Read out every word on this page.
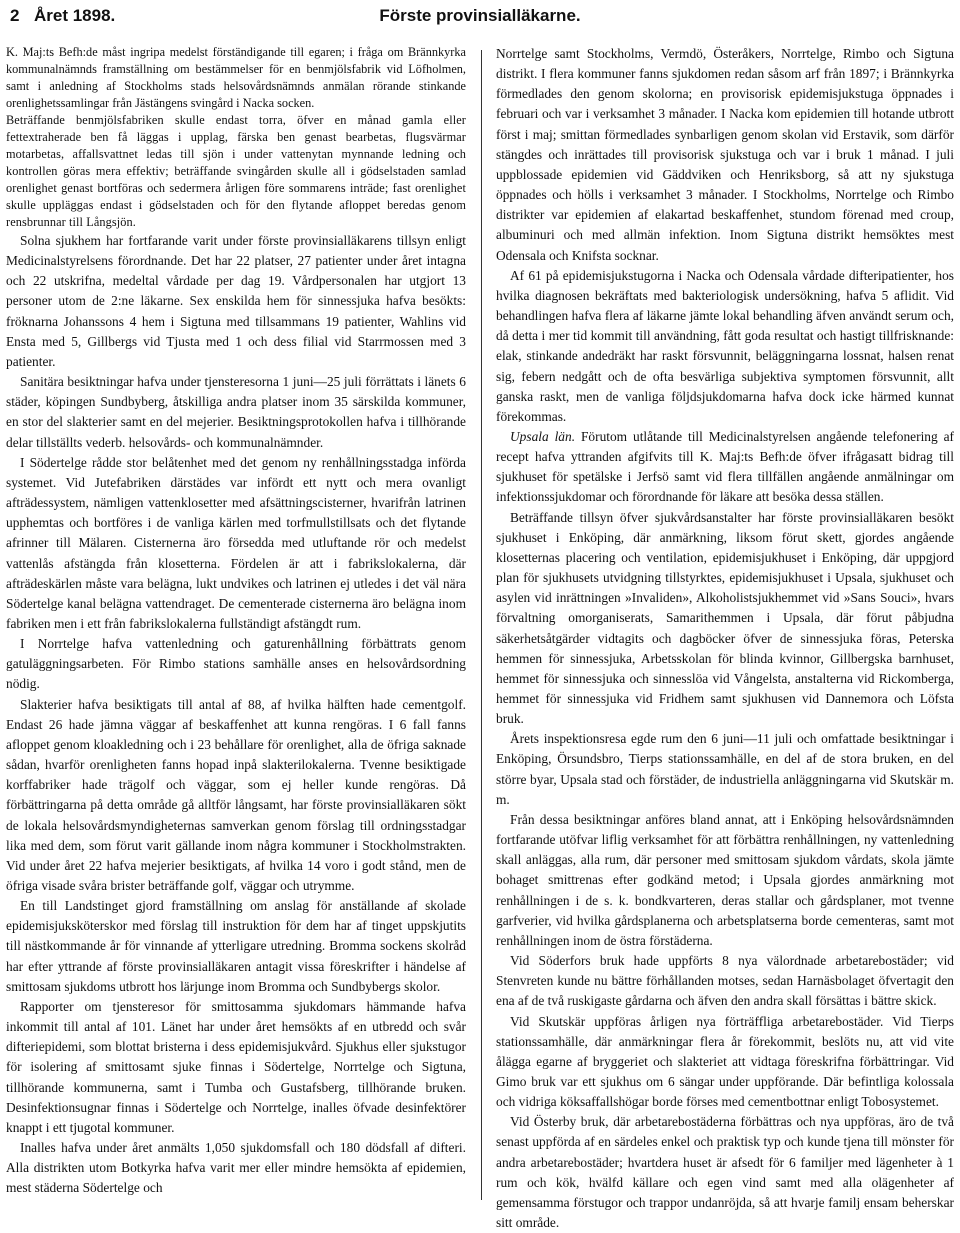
2 Året 1898.	Förste provinsialläkarne.

K. Maj:ts Befh:de måst ingripa medelst förständigande till egaren; i fråga om Brännkyrka kommunalnämnds framställning om bestämmelser för en benmjölsfabrik vid Löfholmen, samt i anledning af Stockholms stads helsovårdsnämnds anmälan rörande stinkande orenlighetssamlingar från Jästängens svingård i Nacka socken.

Beträffande benmjölsfabriken skulle endast torra, öfver en månad gamla eller fettextraherade ben få läggas i upplag, färska ben genast bearbetas, flugsvärmar motarbetas, affallsvattnet ledas till sjön i under vattenytan mynnande ledning och kontrollen göras mera effektiv; beträffande svingården skulle all i gödselstaden samlad orenlighet genast bortföras och sedermera årligen före sommarens inträde; fast orenlighet skulle uppläggas endast i gödselstaden och för den flytande afloppet beredas genom rensbrunnar till Långsjön.

Solna sjukhem har fortfarande varit under förste provinsialläkarens tillsyn enligt Medicinalstyrelsens förordnande. Det har 22 platser, 27 patienter under året intagna och 22 utskrifna, medeltal vårdade per dag 19. Vårdpersonalen har utgjort 13 personer utom de 2:ne läkarne. Sex enskilda hem för sinnessjuka hafva besökts: fröknarna Johanssons 4 hem i Sigtuna med tillsammans 19 patienter, Wahlins vid Ensta med 5, Gillbergs vid Tjusta med 1 och dess filial vid Starrmossen med 3 patienter.

Sanitära besiktningar hafva under tjensteresorna 1 juni—25 juli förrättats i länets 6 städer, köpingen Sundbyberg, åtskilliga andra platser inom 35 särskilda kommuner, en stor del slakterier samt en del mejerier. Besiktningsprotokollen hafva i tillhörande delar tillställts vederb. helsovårds- och kommunalnämnder.

I Södertelge rådde stor belåtenhet med det genom ny renhållningsstadga införda systemet. Vid Jutefabriken därstädes var infördt ett nytt och mera ovanligt afträdessystem, nämligen vattenklosetter med afsättningscisterner, hvarifrån latrinen upphemtas och bortföres i de vanliga kärlen med torfmullstillsats och det flytande afrinner till Mälaren. Cisternerna äro försedda med utluftande rör och medelst vattenlås afstängda från klosetterna. Fördelen är att i fabrikslokalerna, där afträdeskärlen måste vara belägna, lukt undvikes och latrinen ej utledes i det väl nära Södertelge kanal belägna vattendraget. De cementerade cisternerna äro belägna inom fabriken men i ett från fabrikslokalerna fullständigt afstängdt rum.

I Norrtelge hafva vattenledning och gaturenhållning förbättrats genom gatuläggningsarbeten. För Rimbo stations samhälle anses en helsovårdsordning nödig.

Slakterier hafva besiktigats till antal af 88, af hvilka hälften hade cementgolf. Endast 26 hade jämna väggar af beskaffenhet att kunna rengöras. I 6 fall fanns afloppet genom kloakledning och i 23 behållare för orenlighet, alla de öfriga saknade sådan, hvarför orenligheten fanns hopad inpå slakterilokalerna. Tvenne besiktigade korffabriker hade trägolf och väggar, som ej heller kunde rengöras. Då förbättringarna på detta område gå alltför långsamt, har förste provinsialläkaren sökt de lokala helsovårdsmyndigheternas samverkan genom förslag till ordningsstadgar lika med dem, som förut varit gällande inom några kommuner i Stockholmstrakten. Vid under året 22 hafva mejerier besiktigats, af hvilka 14 voro i godt stånd, men de öfriga visade svåra brister beträffande golf, väggar och utrymme.

En till Landstinget gjord framställning om anslag för anställande af skolade epidemisjuksköterskor med förslag till instruktion för dem har af tinget uppskjutits till nästkommande år för vinnande af ytterligare utredning. Bromma sockens skolråd har efter yttrande af förste provinsialläkaren antagit vissa föreskrifter i händelse af smittosam sjukdoms utbrott hos lärjunge inom Bromma och Sundbybergs skolor.

Rapporter om tjensteresor för smittosamma sjukdomars hämmande hafva inkommit till antal af 101. Länet har under året hemsökts af en utbredd och svår difteriepidemi, som blottat bristerna i dess epidemisjukvård. Sjukhus eller sjukstugor för isolering af smittosamt sjuke finnas i Södertelge, Norrtelge och Sigtuna, tillhörande kommunerna, samt i Tumba och Gustafsberg, tillhörande bruken. Desinfektionsugnar finnas i Södertelge och Norrtelge, inalles öfvade desinfektörer knappt i ett tjugotal kommuner.

Inalles hafva under året anmälts 1,050 sjukdomsfall och 180 dödsfall af difteri. Alla distrikten utom Botkyrka hafva varit mer eller mindre hemsökta af epidemien, mest städerna Södertelge och

Norrtelge samt Stockholms, Vermdö, Österåkers, Norrtelge, Rimbo och Sigtuna distrikt. I flera kommuner fanns sjukdomen redan såsom arf från 1897; i Brännkyrka förmedlades den genom skolorna; en provisorisk epidemisjukstuga öppnades i februari och var i verksamhet 3 månader. I Nacka kom epidemien till hotande utbrott först i maj; smittan förmedlades synbarligen genom skolan vid Erstavik, som därför stängdes och inrättades till provisorisk sjukstuga och var i bruk 1 månad. I juli uppblossade epidemien vid Gäddviken och Henriksborg, så att ny sjukstuga öppnades och hölls i verksamhet 3 månader. I Stockholms, Norrtelge och Rimbo distrikter var epidemien af elakartad beskaffenhet, stundom förenad med croup, albuminuri och med allmän infektion. Inom Sigtuna distrikt hemsöktes mest Odensala och Knifsta socknar.

Af 61 på epidemisjukstugorna i Nacka och Odensala vårdade difteripatienter, hos hvilka diagnosen bekräftats med bakteriologisk undersökning, hafva 5 aflidit. Vid behandlingen hafva flera af läkarne jämte lokal behandling äfven användt serum och, då detta i mer tid kommit till användning, fått goda resultat och hastigt tillfrisknande: elak, stinkande andedräkt har raskt försvunnit, beläggningarna lossnat, halsen renat sig, febern nedgått och de ofta besvärliga subjektiva symptomen försvunnit, allt ganska raskt, men de vanliga följdsjukdomarna hafva dock icke härmed kunnat förekommas.

Upsala län. Förutom utlåtande till Medicinalstyrelsen angående telefonering af recept hafva yttranden afgifvits till K. Maj:ts Befh:de öfver ifrågasatt bidrag till sjukhuset för spetälske i Jerfsö samt vid flera tillfällen angående anmälningar om infektionssjukdomar och förordnande för läkare att besöka dessa ställen.

Beträffande tillsyn öfver sjukvårdsanstalter har förste provinsialläkaren besökt sjukhuset i Enköping, där anmärkning, liksom förut skett, gjordes angående klosetternas placering och ventilation, epidemisjukhuset i Enköping, där uppgjord plan för sjukhusets utvidgning tillstyrktes, epidemisjukhuset i Upsala, sjukhuset och asylen vid inrättningen »Invaliden», Alkoholistsjukhemmet vid »Sans Souci», hvars förvaltning omorganiserats, Samarithemmen i Upsala, där förut påbjudna säkerhetsåtgärder vidtagits och dagböcker öfver de sinnessjuka föras, Peterska hemmen för sinnessjuka, Arbetsskolan för blinda kvinnor, Gillbergska barnhuset, hemmet för sinnessjuka och sinnesslöa vid Vångelsta, anstalterna vid Rickomberga, hemmet för sinnessjuka vid Fridhem samt sjukhusen vid Dannemora och Löfsta bruk.

Årets inspektionsresa egde rum den 6 juni—11 juli och omfattade besiktningar i Enköping, Örsundsbro, Tierps stationssamhälle, en del af de stora bruken, en del större byar, Upsala stad och förstäder, de industriella anläggningarna vid Skutskär m. m.

Från dessa besiktningar anföres bland annat, att i Enköping helsovårdsnämnden fortfarande utöfvar liflig verksamhet för att förbättra renhållningen, ny vattenledning skall anläggas, alla rum, där personer med smittosam sjukdom vårdats, skola jämte bohaget smittrenas efter godkänd metod; i Upsala gjordes anmärkning mot renhållningen i de s. k. bondkvarteren, deras stallar och gårdsplaner, mot tvenne garfverier, vid hvilka gårdsplanerna och arbetsplatserna borde cementeras, samt mot renhållningen inom de östra förstäderna.

Vid Söderfors bruk hade uppförts 8 nya välordnade arbetarebostäder; vid Stenvreten kunde nu bättre förhållanden motses, sedan Harnäsbolaget öfvertagit den ena af de två ruskigaste gårdarna och äfven den andra skall försättas i bättre skick.

Vid Skutskär uppföras årligen nya förträffliga arbetarebostäder. Vid Tierps stationssamhälle, där anmärkningar flera år förekommit, beslöts nu, att vid vite åläggа egarne af bryggeriet och slakteriet att vidtaga föreskrifna förbättringar. Vid Gimo bruk var ett sjukhus om 6 sängar under uppförande. Där befintliga kolossala och vidriga köksaffallshögar borde förses med cementbottnar enligt Tobosystemet.

Vid Österby bruk, där arbetarebostäderna förbättras och nya uppföras, äro de två senast uppförda af en särdeles enkel och praktisk typ och kunde tjena till mönster för andra arbetarebostäder; hvartdera huset är afsedt för 6 familjer med lägenheter à 1 rum och kök, hvälfd källare och egen vind samt med alla olägenheter af gemensamma förstugor och trappor undanröjda, så att hvarje familj ensam beherskar sitt område.
